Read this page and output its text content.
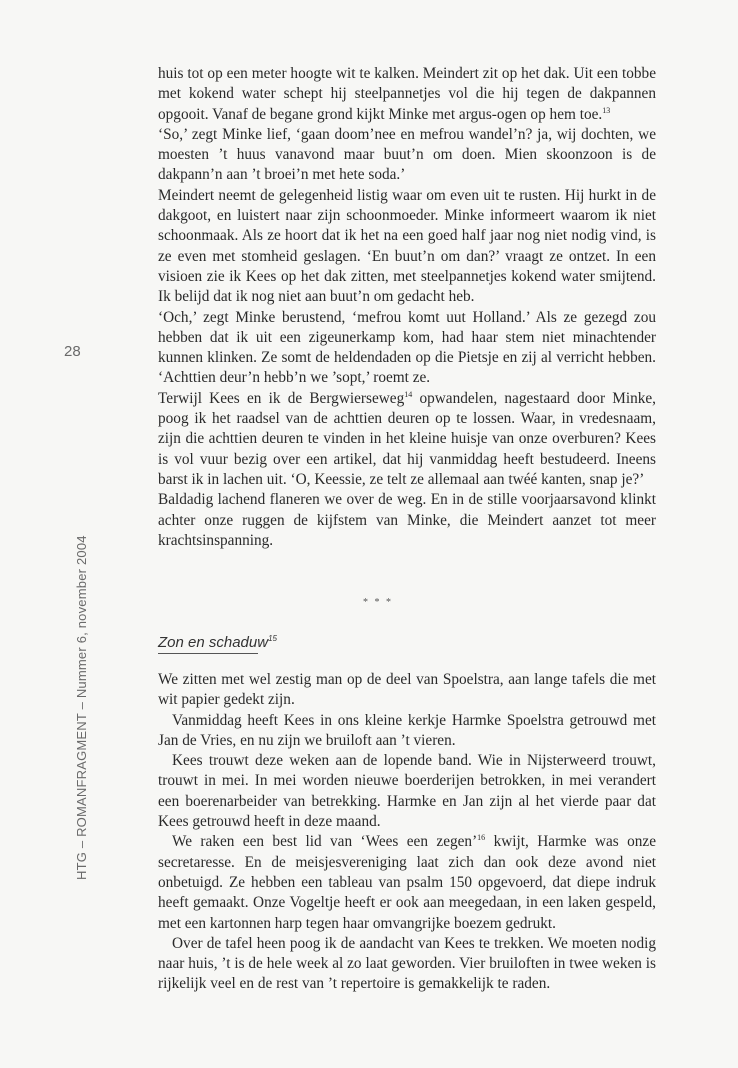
28
HTG – ROMANFRAGMENT – Nummer 6, november 2004

huis tot op een meter hoogte wit te kalken. Meindert zit op het dak. Uit een tobbe met kokend water schept hij steelpannetjes vol die hij tegen de dakpannen opgooit. Vanaf de begane grond kijkt Minke met argus-ogen op hem toe.$^{13}$

‘So,’ zegt Minke lief, ‘gaan doom’nee en mefrou wandel’n? ja, wij dochten, we moesten ’t huus vanavond maar buut’n om doen. Mien skoonzoon is de dakpann’n aan ’t broei’n met hete soda.’

Meindert neemt de gelegenheid listig waar om even uit te rusten. Hij hurkt in de dakgoot, en luistert naar zijn schoonmoeder. Minke informeert waarom ik niet schoonmaak. Als ze hoort dat ik het na een goed half jaar nog niet nodig vind, is ze even met stomheid geslagen. ‘En buut’n om dan?’ vraagt ze ontzet. In een visioen zie ik Kees op het dak zitten, met steelpannetjes kokend water smijtend. Ik belijd dat ik nog niet aan buut’n om gedacht heb.

‘Och,’ zegt Minke berustend, ‘mefrou komt uut Holland.’ Als ze gezegd zou hebben dat ik uit een zigeunerkamp kom, had haar stem niet minachtender kunnen klinken. Ze somt de heldendaden op die Pietsje en zij al verricht hebben. ‘Achttien deur’n hebb’n we ’sopt,’ roemt ze.

Terwijl Kees en ik de Bergwierseweg$^{14}$ opwandelen, nagestaard door Minke, poog ik het raadsel van de achttien deuren op te lossen. Waar, in vredesnaam, zijn die achttien deuren te vinden in het kleine huisje van onze overburen? Kees is vol vuur bezig over een artikel, dat hij vanmiddag heeft bestudeerd. Ineens barst ik in lachen uit. ‘O, Keessie, ze telt ze allemaal aan twéé kanten, snap je?’

Baldadig lachend flaneren we over de weg. En in de stille voorjaarsavond klinkt achter onze ruggen de kijfstem van Minke, die Meindert aanzet tot meer krachtsinspanning.

* * *
Zon en schaduw$^{15}$

We zitten met wel zestig man op de deel van Spoelstra, aan lange tafels die met wit papier gedekt zijn.

Vanmiddag heeft Kees in ons kleine kerkje Harmke Spoelstra getrouwd met Jan de Vries, en nu zijn we bruiloft aan ’t vieren.

Kees trouwt deze weken aan de lopende band. Wie in Nijsterweerd trouwt, trouwt in mei. In mei worden nieuwe boerderijen betrokken, in mei verandert een boerenarbeider van betrekking. Harmke en Jan zijn al het vierde paar dat Kees getrouwd heeft in deze maand.

We raken een best lid van ‘Wees een zegen’$^{16}$ kwijt, Harmke was onze secretaresse. En de meisjesvereniging laat zich dan ook deze avond niet onbetuigd. Ze hebben een tableau van psalm 150 opgevoerd, dat diepe indruk heeft gemaakt. Onze Vogeltje heeft er ook aan meegedaan, in een laken gespeld, met een kartonnen harp tegen haar omvangrijke boezem gedrukt.

Over de tafel heen poog ik de aandacht van Kees te trekken. We moeten nodig naar huis, ’t is de hele week al zo laat geworden. Vier bruiloften in twee weken is rijkelijk veel en de rest van ’t repertoire is gemakkelijk te raden.
